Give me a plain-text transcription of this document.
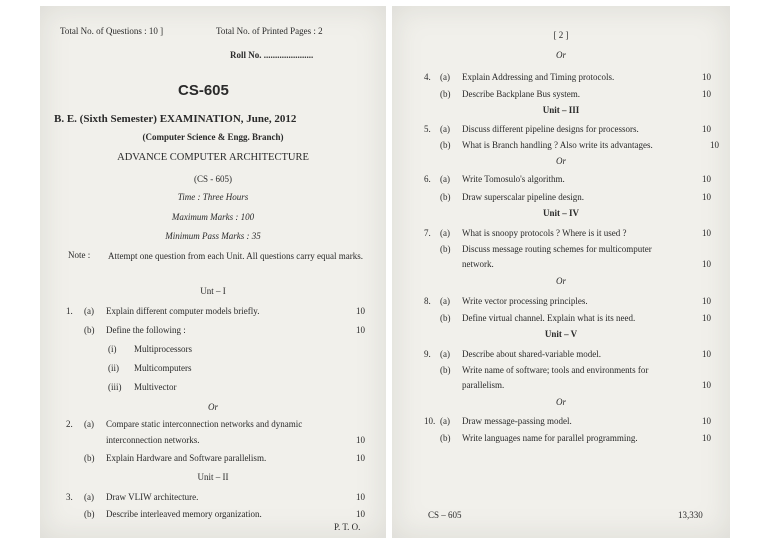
Total No. of Questions : 10 ]	Total No. of Printed Pages : 2
Roll No. ......................
CS-605
B. E. (Sixth Semester) EXAMINATION, June, 2012
(Computer Science & Engg. Branch)
ADVANCE COMPUTER ARCHITECTURE
(CS - 605)
Time : Three Hours
Maximum Marks : 100
Minimum Pass Marks : 35
Note : Attempt one question from each Unit. All questions carry equal marks.
Unt – I
1. (a) Explain different computer models briefly.	10
(b) Define the following :	10
(i) Multiprocessors
(ii) Multicomputers
(iii) Multivector
Or
2. (a) Compare static interconnection networks and dynamic
interconnection networks.	10
(b) Explain Hardware and Software parallelism.	10
Unit – II
3. (a) Draw VLIW architecture.	10
(b) Describe interleaved memory organization.	10
P. T. O.
[ 2 ]
Or
4. (a) Explain Addressing and Timing protocols.	10
(b) Describe Backplane Bus system.	10
Unit – III
5. (a) Discuss different pipeline designs for processors.	10
(b) What is Branch handling ? Also write its advantages.	10
Or
6. (a) Write Tomosulo's algorithm.	10
(b) Draw superscalar pipeline design.	10
Unit – IV
7. (a) What is snoopy protocols ? Where is it used ?	10
(b) Discuss message routing schemes for multicomputer
network.	10
Or
8. (a) Write vector processing principles.	10
(b) Define virtual channel. Explain what is its need.	10
Unit – V
9. (a) Describe about shared-variable model.	10
(b) Write name of software; tools and environments for
parallelism.	10
Or
10. (a) Draw message-passing model.	10
(b) Write languages name for parallel programming.	10
CS – 605	13,330
